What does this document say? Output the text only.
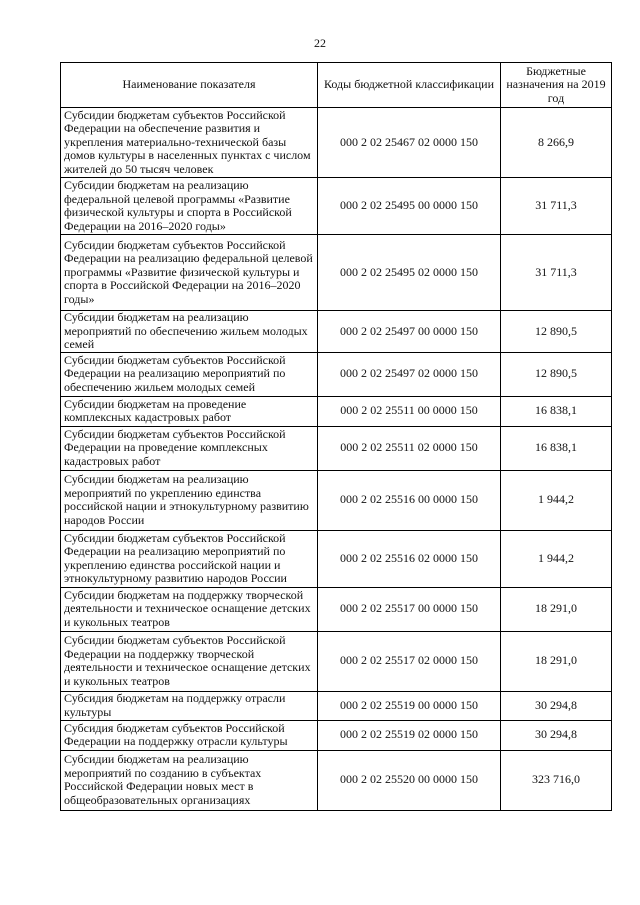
22
Наименование показателя	Коды бюджетной классификации	Бюджетные назначения на 2019 год
Субсидии бюджетам субъектов Российской Федерации на обеспечение развития и укрепления материально-технической базы домов культуры в населенных пунктах с числом жителей до 50 тысяч человек	000 2 02 25467 02 0000 150	8 266,9
Субсидии бюджетам на реализацию федеральной целевой программы «Развитие физической культуры и спорта в Российской Федерации на 2016–2020 годы»	000 2 02 25495 00 0000 150	31 711,3
Субсидии бюджетам субъектов Российской Федерации на реализацию федеральной целевой программы «Развитие физической культуры и спорта в Российской Федерации на 2016–2020 годы»	000 2 02 25495 02 0000 150	31 711,3
Субсидии бюджетам на реализацию мероприятий по обеспечению жильем молодых семей	000 2 02 25497 00 0000 150	12 890,5
Субсидии бюджетам субъектов Российской Федерации на реализацию мероприятий по обеспечению жильем молодых семей	000 2 02 25497 02 0000 150	12 890,5
Субсидии бюджетам на проведение комплексных кадастровых работ	000 2 02 25511 00 0000 150	16 838,1
Субсидии бюджетам субъектов Российской Федерации на проведение комплексных кадастровых работ	000 2 02 25511 02 0000 150	16 838,1
Субсидии бюджетам на реализацию мероприятий по укреплению единства российской нации и этнокультурному развитию народов России	000 2 02 25516 00 0000 150	1 944,2
Субсидии бюджетам субъектов Российской Федерации на реализацию мероприятий по укреплению единства российской нации и этнокультурному развитию народов России	000 2 02 25516 02 0000 150	1 944,2
Субсидии бюджетам на поддержку творческой деятельности и техническое оснащение детских и кукольных театров	000 2 02 25517 00 0000 150	18 291,0
Субсидии бюджетам субъектов Российской Федерации на поддержку творческой деятельности и техническое оснащение детских и кукольных театров	000 2 02 25517 02 0000 150	18 291,0
Субсидия бюджетам на поддержку отрасли культуры	000 2 02 25519 00 0000 150	30 294,8
Субсидия бюджетам субъектов Российской Федерации на поддержку отрасли культуры	000 2 02 25519 02 0000 150	30 294,8
Субсидии бюджетам на реализацию мероприятий по созданию в субъектах Российской Федерации новых мест в общеобразовательных организациях	000 2 02 25520 00 0000 150	323 716,0
